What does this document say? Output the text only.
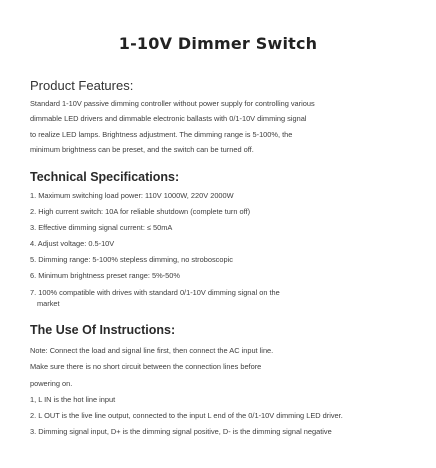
1-10V Dimmer Switch
Product Features:
Standard 1-10V passive dimming controller without power supply for controlling various
dimmable LED drivers and dimmable electronic ballasts with 0/1-10V dimming signal
to realize LED lamps. Brightness adjustment. The dimming range is 5-100%, the
minimum brightness can be preset, and the switch can be turned off.
Technical Specifications:
1. Maximum switching load power: 110V 1000W, 220V 2000W
2. High current switch: 10A for reliable shutdown (complete turn off)
3. Effective dimming signal current: ≤ 50mA
4. Adjust voltage: 0.5-10V
5. Dimming range: 5-100% stepless dimming, no stroboscopic
6. Minimum brightness preset range: 5%-50%
7. 100% compatible with drives with standard 0/1-10V dimming signal on the
market
The Use Of Instructions:
Note: Connect the load and signal line first, then connect the AC input line.
Make sure there is no short circuit between the connection lines before
powering on.
1, L IN is the hot line input
2. L OUT is the live line output, connected to the input L end of the 0/1-10V dimming LED driver.
3. Dimming signal input, D+ is the dimming signal positive, D- is the dimming signal negative
